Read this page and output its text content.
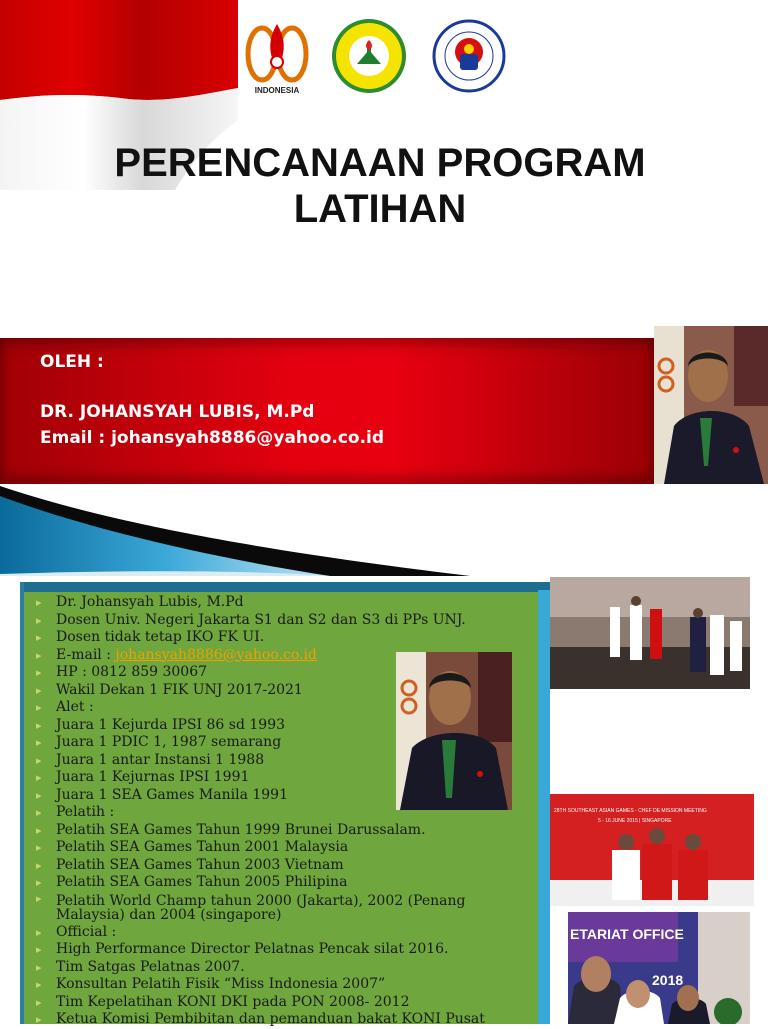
INDONESIA
PERENCANAAN PROGRAM
LATIHAN
OLEH :
DR. JOHANSYAH LUBIS, M.Pd
Email : johansyah8886@yahoo.co.id
▸ Dr. Johansyah Lubis, M.Pd
▸ Dosen Univ. Negeri Jakarta S1 dan S2 dan S3 di PPs UNJ.
▸ Dosen tidak tetap IKO FK UI.
▸ E-mail : johansyah8886@yahoo.co.id
▸ HP : 0812 859 30067
▸ Wakil Dekan 1 FIK UNJ 2017-2021
▸ Alet :
▸ Juara 1 Kejurda IPSI 86 sd 1993
▸ Juara 1 PDIC 1, 1987 semarang
▸ Juara 1 antar Instansi 1 1988
▸ Juara 1 Kejurnas IPSI 1991
▸ Juara 1 SEA Games Manila 1991
▸ Pelatih :
▸ Pelatih SEA Games Tahun 1999 Brunei Darussalam.
▸ Pelatih SEA Games Tahun 2001 Malaysia
▸ Pelatih SEA Games Tahun 2003 Vietnam
▸ Pelatih SEA Games Tahun 2005 Philipina
▸ Pelatih World Champ tahun 2000 (Jakarta), 2002 (Penang Malaysia) dan 2004 (singapore)
▸ Official :
▸ High Performance Director Pelatnas Pencak silat 2016.
▸ Tim Satgas Pelatnas 2007.
▸ Konsultan Pelatih Fisik “Miss Indonesia 2007”
▸ Tim Kepelatihan KONI DKI pada PON 2008- 2012
▸ Ketua Komisi Pembibitan dan pemanduan bakat KONI Pusat
28TH SOUTHEAST ASIAN GAMES - CHEF DE MISSION MEETING
5 - 16 JUNE 2015 | SINGAPORE
ETARIAT OFFICE
2018
